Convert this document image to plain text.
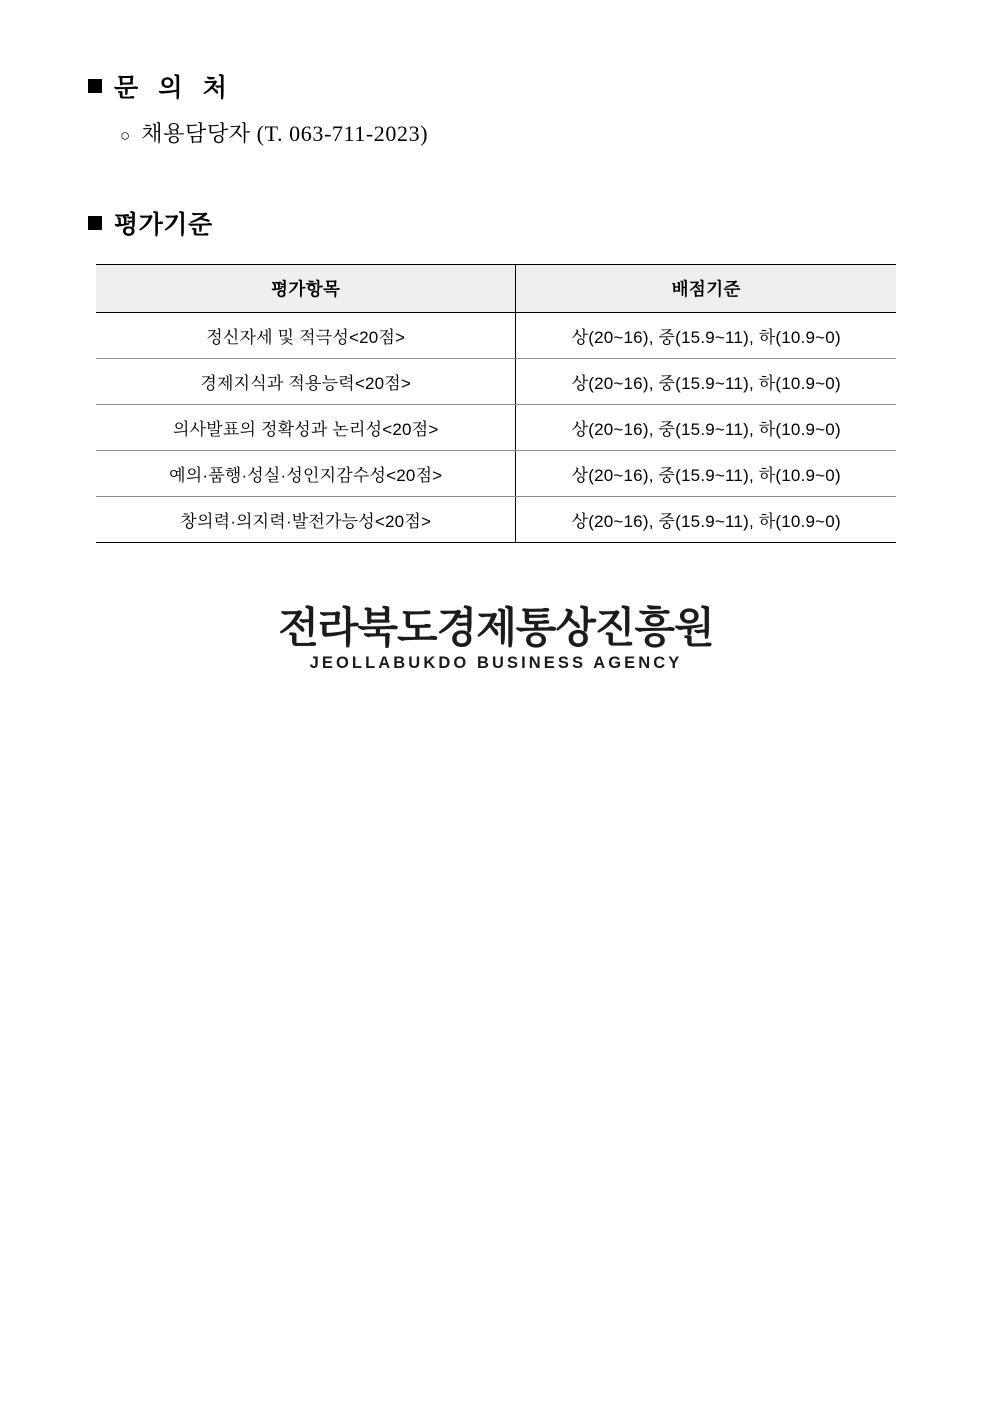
문 의 처
○ 채용담당자 (T. 063-711-2023)
평가기준
평가항목	배점기준
정신자세 및 적극성<20점>	상(20~16), 중(15.9~11), 하(10.9~0)
경제지식과 적용능력<20점>	상(20~16), 중(15.9~11), 하(10.9~0)
의사발표의 정확성과 논리성<20점>	상(20~16), 중(15.9~11), 하(10.9~0)
예의·품행·성실·성인지감수성<20점>	상(20~16), 중(15.9~11), 하(10.9~0)
창의력·의지력·발전가능성<20점>	상(20~16), 중(15.9~11), 하(10.9~0)
전라북도경제통상진흥원
JEOLLABUKDO BUSINESS AGENCY
